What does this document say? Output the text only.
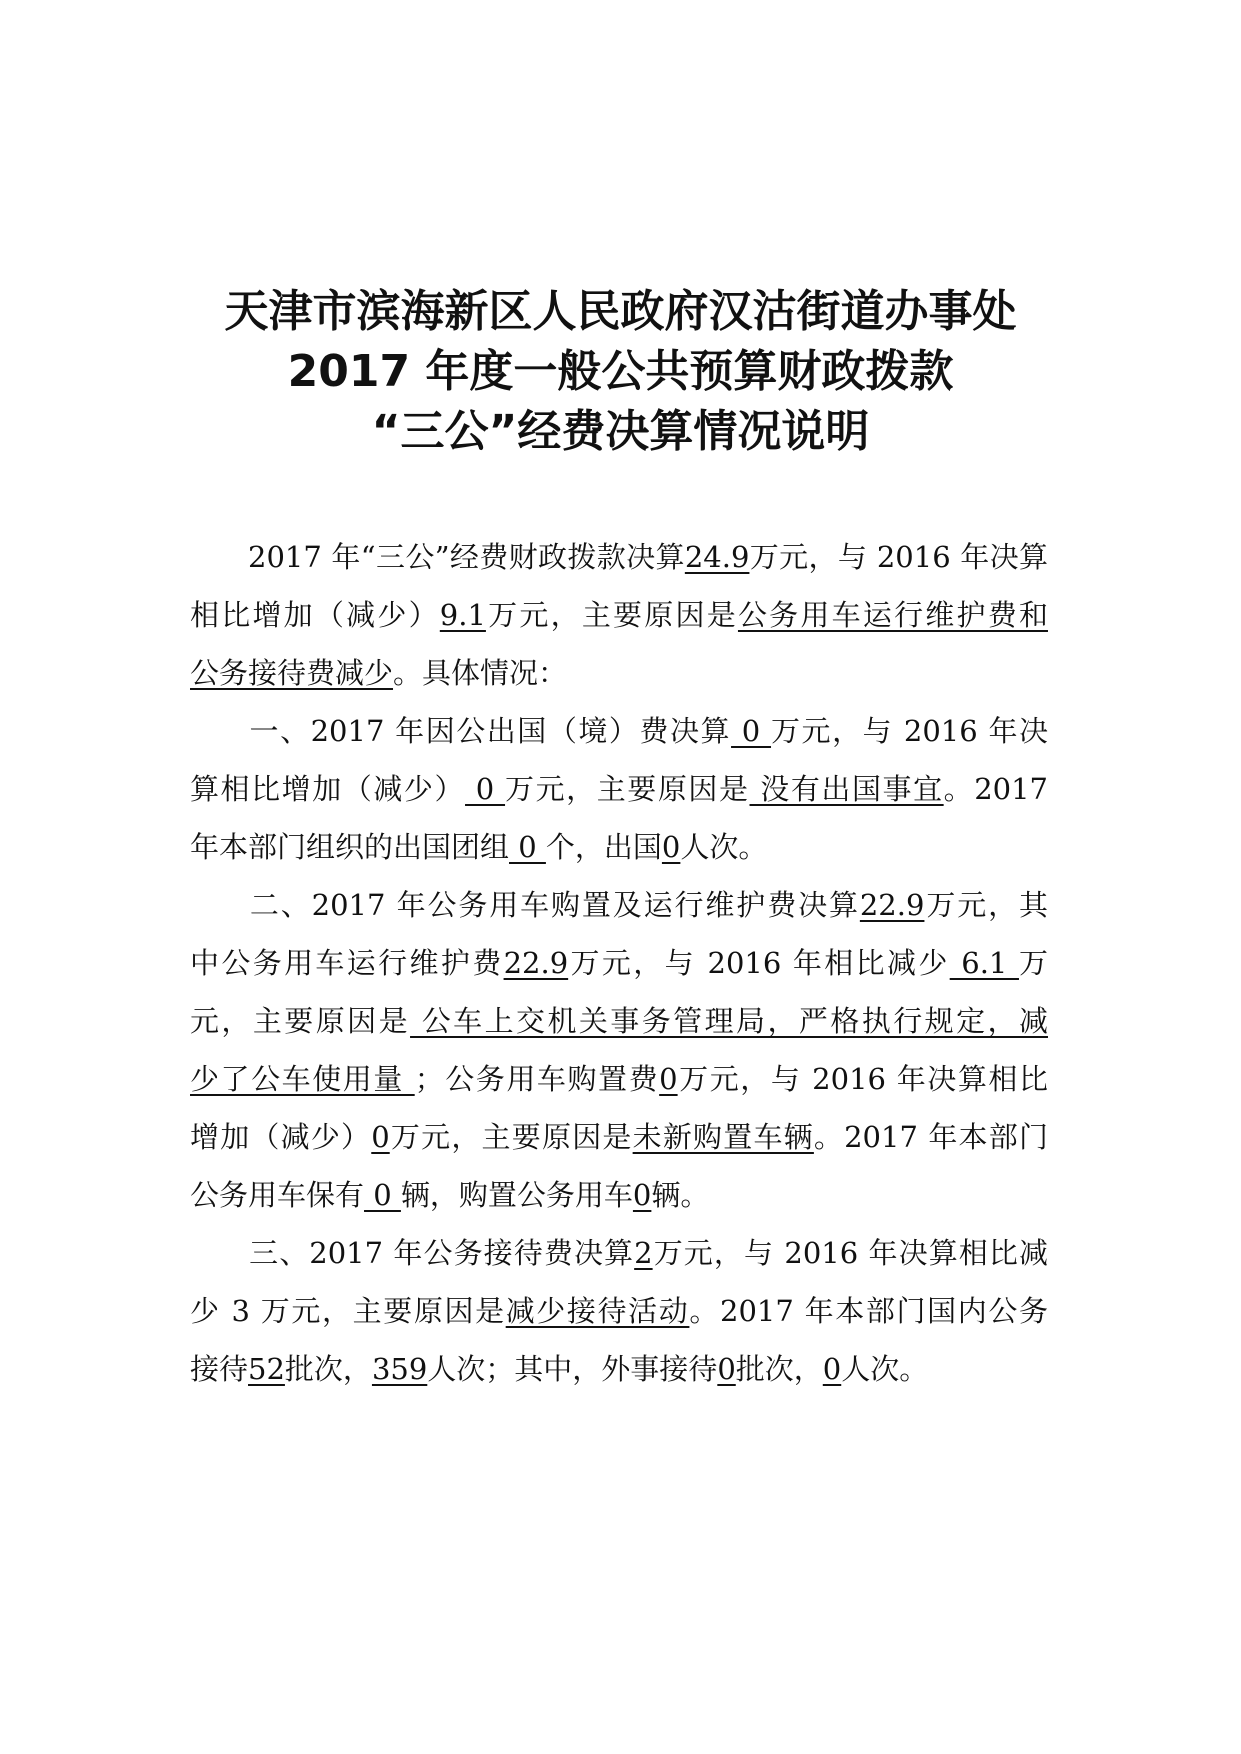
天津市滨海新区人民政府汉沽街道办事处
2017 年度一般公共预算财政拨款
“三公”经费决算情况说明
2017 年“三公”经费财政拨款决算24.9万元，与 2016 年决算
相比增加（减少）9.1万元，主要原因是公务用车运行维护费和
公务接待费减少。具体情况：
一、2017 年因公出国（境）费决算 0 万元，与 2016 年决
算相比增加（减少） 0 万元，主要原因是 没有出国事宜。2017
年本部门组织的出国团组 0 个，出国0人次。
二、2017 年公务用车购置及运行维护费决算22.9万元，其
中公务用车运行维护费22.9万元，与 2016 年相比减少 6.1 万
元，主要原因是 公车上交机关事务管理局，严格执行规定，减
少了公车使用量 ；公务用车购置费0万元，与 2016 年决算相比
增加（减少）0万元，主要原因是未新购置车辆。2017 年本部门
公务用车保有 0 辆，购置公务用车0辆。
三、2017 年公务接待费决算2万元，与 2016 年决算相比减
少 3 万元，主要原因是减少接待活动。2017 年本部门国内公务
接待52批次，359人次；其中，外事接待0批次，0人次。
